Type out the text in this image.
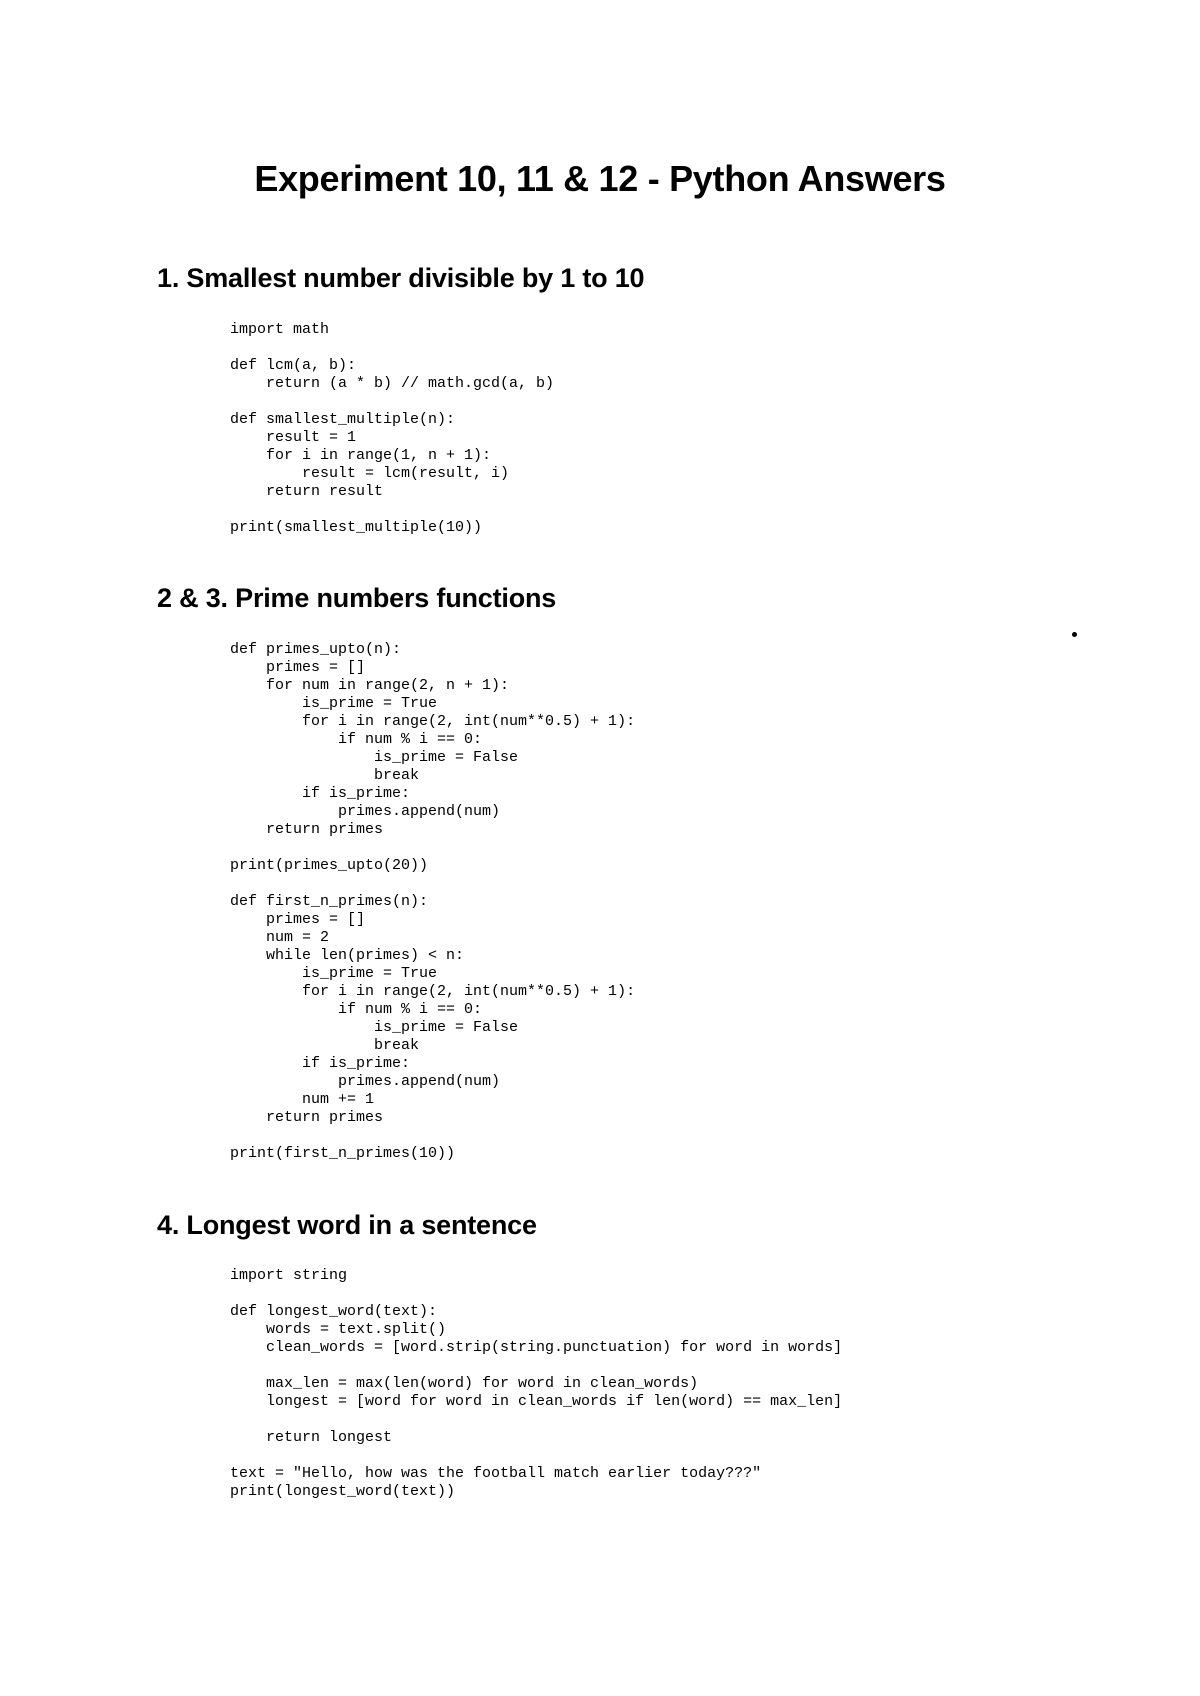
Experiment 10, 11 & 12 - Python Answers
1. Smallest number divisible by 1 to 10
import math
def lcm(a, b):
return (a * b) // math.gcd(a, b)
def smallest_multiple(n):
result = 1
for i in range(1, n + 1):
result = lcm(result, i)
return result
print(smallest_multiple(10))
2 & 3. Prime numbers functions
def primes_upto(n):
primes = []
for num in range(2, n + 1):
is_prime = True
for i in range(2, int(num**0.5) + 1):
if num % i == 0:
is_prime = False
break
if is_prime:
primes.append(num)
return primes
print(primes_upto(20))
def first_n_primes(n):
primes = []
num = 2
while len(primes) < n:
is_prime = True
for i in range(2, int(num**0.5) + 1):
if num % i == 0:
is_prime = False
break
if is_prime:
primes.append(num)
num += 1
return primes
print(first_n_primes(10))
4. Longest word in a sentence
import string
def longest_word(text):
words = text.split()
clean_words = [word.strip(string.punctuation) for word in words]
max_len = max(len(word) for word in clean_words)
longest = [word for word in clean_words if len(word) == max_len]
return longest
text = "Hello, how was the football match earlier today???"
print(longest_word(text))
